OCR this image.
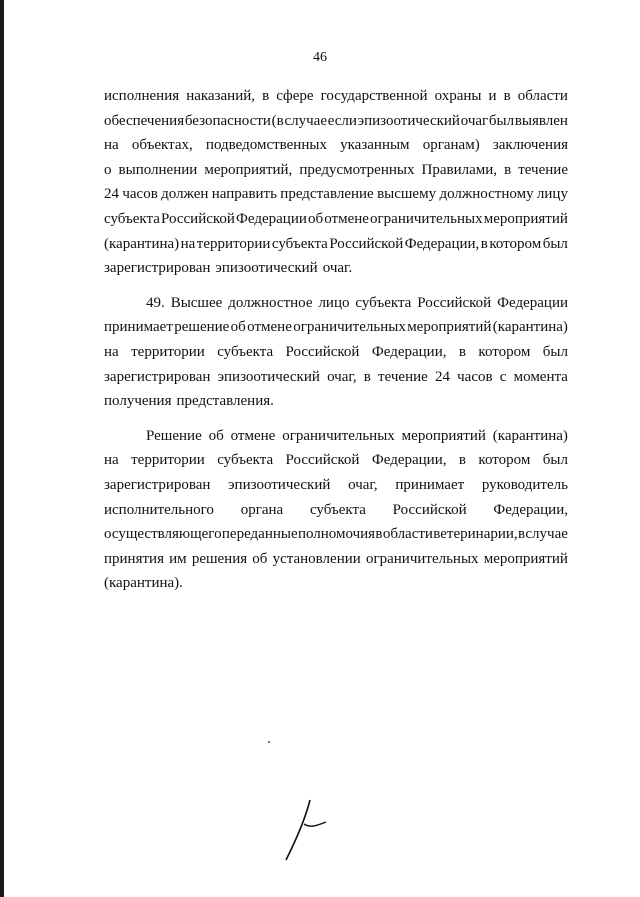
46
исполнения наказаний, в сфере государственной охраны и в области
обеспечения безопасности (в случае если эпизоотический очаг был выявлен
на объектах, подведомственных указанным органам) заключения
о выполнении мероприятий, предусмотренных Правилами, в течение
24 часов должен направить представление высшему должностному лицу
субъекта Российской Федерации об отмене ограничительных мероприятий
(карантина) на территории субъекта Российской Федерации, в котором был
зарегистрирован эпизоотический очаг.
49. Высшее должностное лицо субъекта Российской Федерации
принимает решение об отмене ограничительных мероприятий (карантина)
на территории субъекта Российской Федерации, в котором был
зарегистрирован эпизоотический очаг, в течение 24 часов с момента
получения представления.
Решение об отмене ограничительных мероприятий (карантина)
на территории субъекта Российской Федерации, в котором был
зарегистрирован эпизоотический очаг, принимает руководитель
исполнительного органа субъекта Российской Федерации,
осуществляющего переданные полномочия в области ветеринарии, в случае
принятия им решения об установлении ограничительных мероприятий
(карантина).
